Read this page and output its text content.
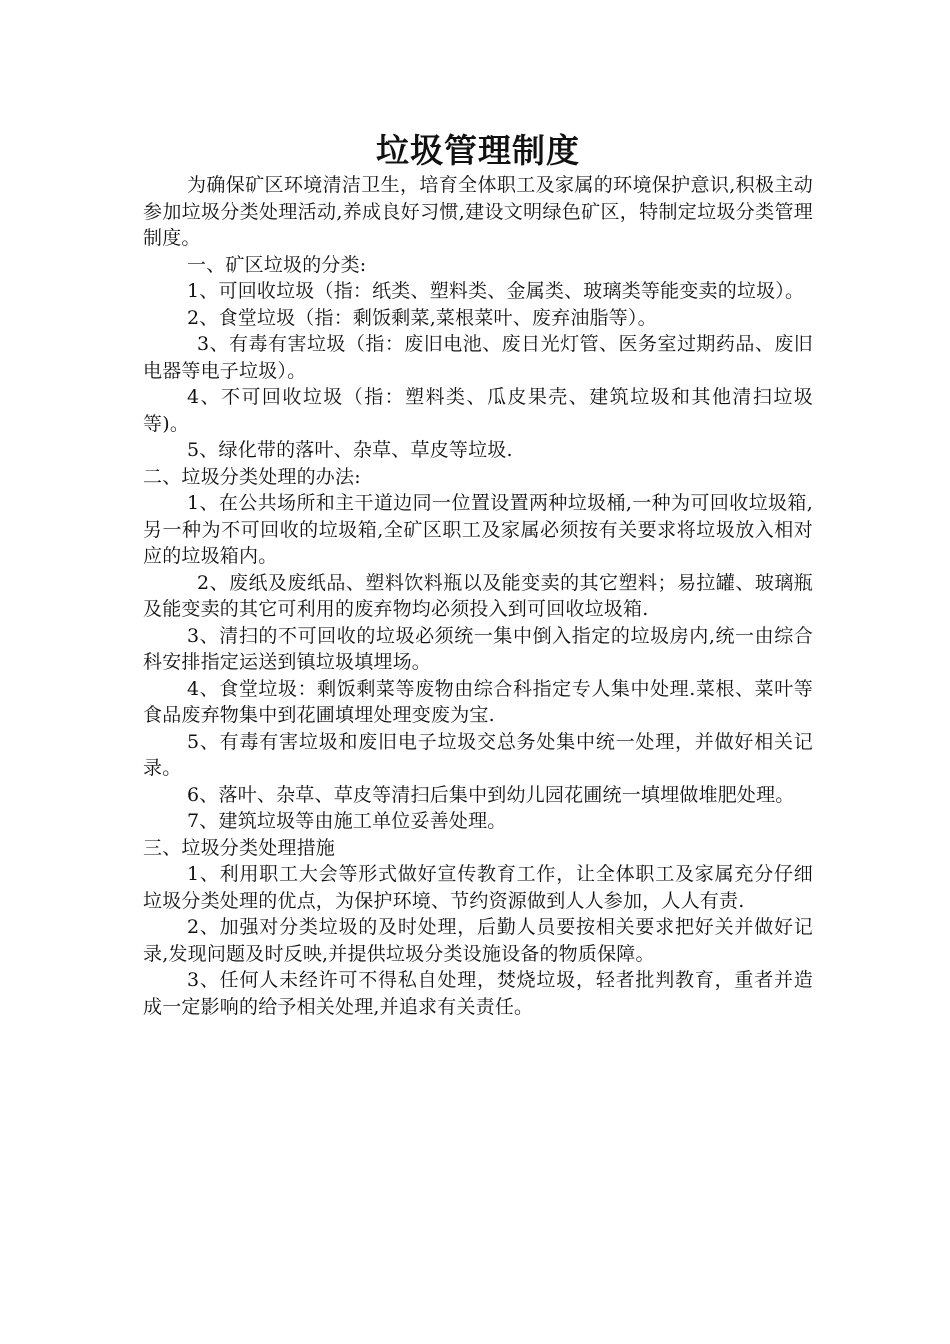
垃圾管理制度

为确保矿区环境清洁卫生，培育全体职工及家属的环境保护意识,积极主动参加垃圾分类处理活动,养成良好习惯,建设文明绿色矿区，特制定垃圾分类管理制度。

一、矿区垃圾的分类:

1、可回收垃圾（指：纸类、塑料类、金属类、玻璃类等能变卖的垃圾）。

2、食堂垃圾（指：剩饭剩菜,菜根菜叶、废弃油脂等）。

3、有毒有害垃圾（指：废旧电池、废日光灯管、医务室过期药品、废旧电器等电子垃圾）。

4、不可回收垃圾（指：塑料类、瓜皮果壳、建筑垃圾和其他清扫垃圾等)。

5、绿化带的落叶、杂草、草皮等垃圾.

二、垃圾分类处理的办法:

1、在公共场所和主干道边同一位置设置两种垃圾桶,一种为可回收垃圾箱,另一种为不可回收的垃圾箱,全矿区职工及家属必须按有关要求将垃圾放入相对应的垃圾箱内。

2、废纸及废纸品、塑料饮料瓶以及能变卖的其它塑料；易拉罐、玻璃瓶及能变卖的其它可利用的废弃物均必须投入到可回收垃圾箱.

3、清扫的不可回收的垃圾必须统一集中倒入指定的垃圾房内,统一由综合科安排指定运送到镇垃圾填埋场。

4、食堂垃圾：剩饭剩菜等废物由综合科指定专人集中处理.菜根、菜叶等食品废弃物集中到花圃填埋处理变废为宝.

5、有毒有害垃圾和废旧电子垃圾交总务处集中统一处理，并做好相关记录。

6、落叶、杂草、草皮等清扫后集中到幼儿园花圃统一填埋做堆肥处理。

7、建筑垃圾等由施工单位妥善处理。

三、垃圾分类处理措施

1、利用职工大会等形式做好宣传教育工作，让全体职工及家属充分仔细垃圾分类处理的优点，为保护环境、节约资源做到人人参加，人人有责.

2、加强对分类垃圾的及时处理，后勤人员要按相关要求把好关并做好记录,发现问题及时反映,并提供垃圾分类设施设备的物质保障。

3、任何人未经许可不得私自处理，焚烧垃圾，轻者批判教育，重者并造成一定影响的给予相关处理,并追求有关责任。
